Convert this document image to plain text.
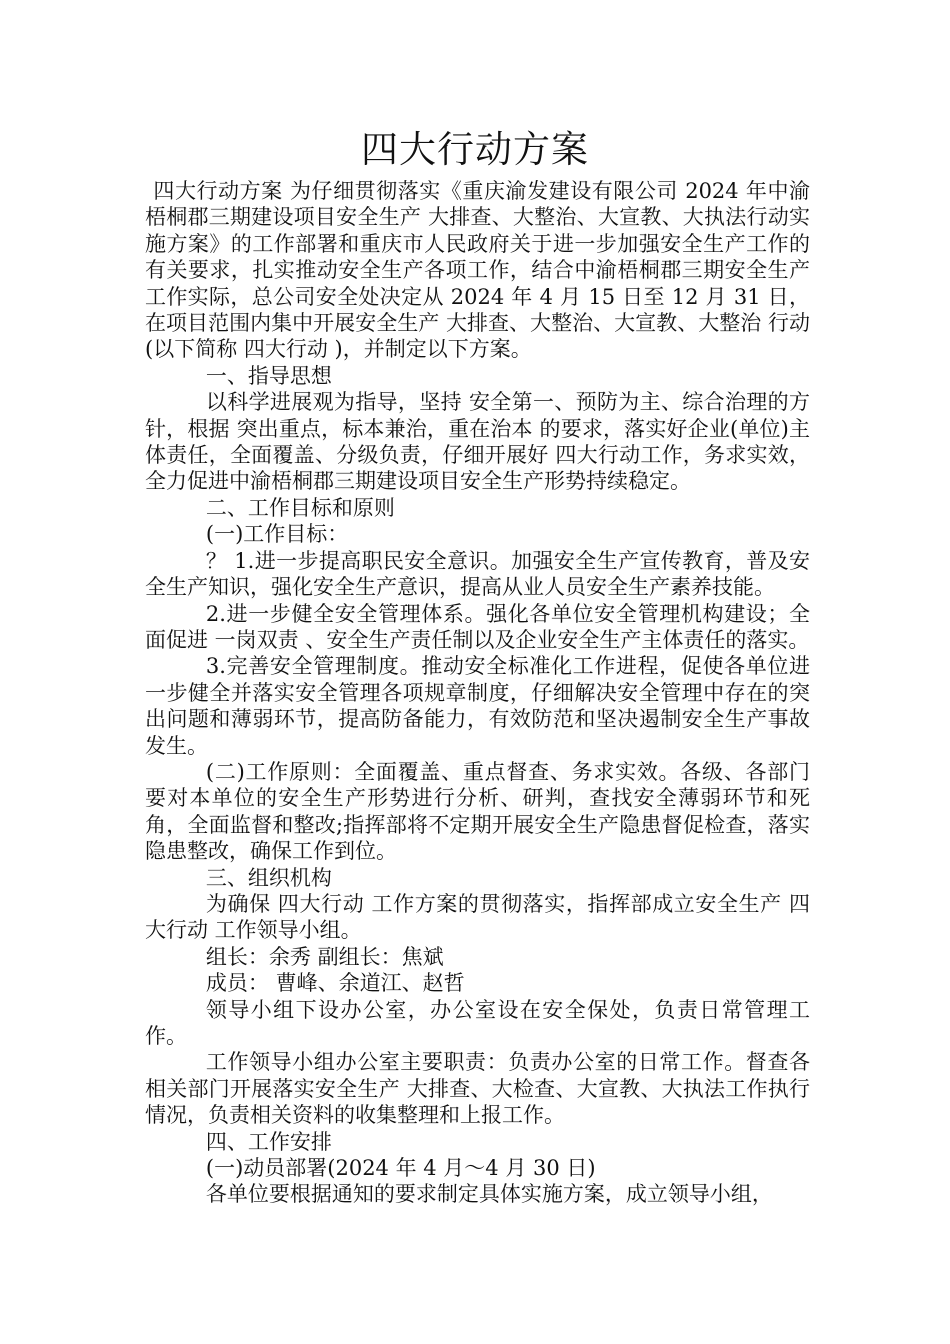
四大行动方案

四大行动方案 为仔细贯彻落实《重庆渝发建设有限公司 2024 年中渝梧桐郡三期建设项目安全生产 大排查、大整治、大宣教、大执法行动实施方案》的工作部署和重庆市人民政府关于进一步加强安全生产工作的有关要求，扎实推动安全生产各项工作，结合中渝梧桐郡三期安全生产工作实际，总公司安全处决定从 2024 年 4 月 15 日至 12 月 31 日，在项目范围内集中开展安全生产 大排查、大整治、大宣教、大整治 行动(以下简称 四大行动 )，并制定以下方案。

一、指导思想

以科学进展观为指导，坚持 安全第一、预防为主、综合治理的方针，根据 突出重点，标本兼治，重在治本 的要求，落实好企业(单位)主体责任，全面覆盖、分级负责，仔细开展好 四大行动工作，务求实效，全力促进中渝梧桐郡三期建设项目安全生产形势持续稳定。

二、工作目标和原则

(一)工作目标：

？ 1.进一步提高职民安全意识。加强安全生产宣传教育，普及安全生产知识，强化安全生产意识，提高从业人员安全生产素养技能。

2.进一步健全安全管理体系。强化各单位安全管理机构建设；全面促进 一岗双责 、安全生产责任制以及企业安全生产主体责任的落实。

3.完善安全管理制度。推动安全标准化工作进程，促使各单位进一步健全并落实安全管理各项规章制度，仔细解决安全管理中存在的突出问题和薄弱环节，提高防备能力，有效防范和坚决遏制安全生产事故发生。

(二)工作原则：全面覆盖、重点督查、务求实效。各级、各部门要对本单位的安全生产形势进行分析、研判，查找安全薄弱环节和死角，全面监督和整改;指挥部将不定期开展安全生产隐患督促检查，落实隐患整改，确保工作到位。

三、组织机构

为确保 四大行动 工作方案的贯彻落实，指挥部成立安全生产 四大行动 工作领导小组。

组长：余秀 副组长：焦斌

成员： 曹峰、余道江、赵哲

领导小组下设办公室，办公室设在安全保处，负责日常管理工作。

工作领导小组办公室主要职责：负责办公室的日常工作。督查各相关部门开展落实安全生产 大排查、大检查、大宣教、大执法工作执行情况，负责相关资料的收集整理和上报工作。

四、工作安排

(一)动员部署(2024 年 4 月～4 月 30 日)

各单位要根据通知的要求制定具体实施方案，成立领导小组，
